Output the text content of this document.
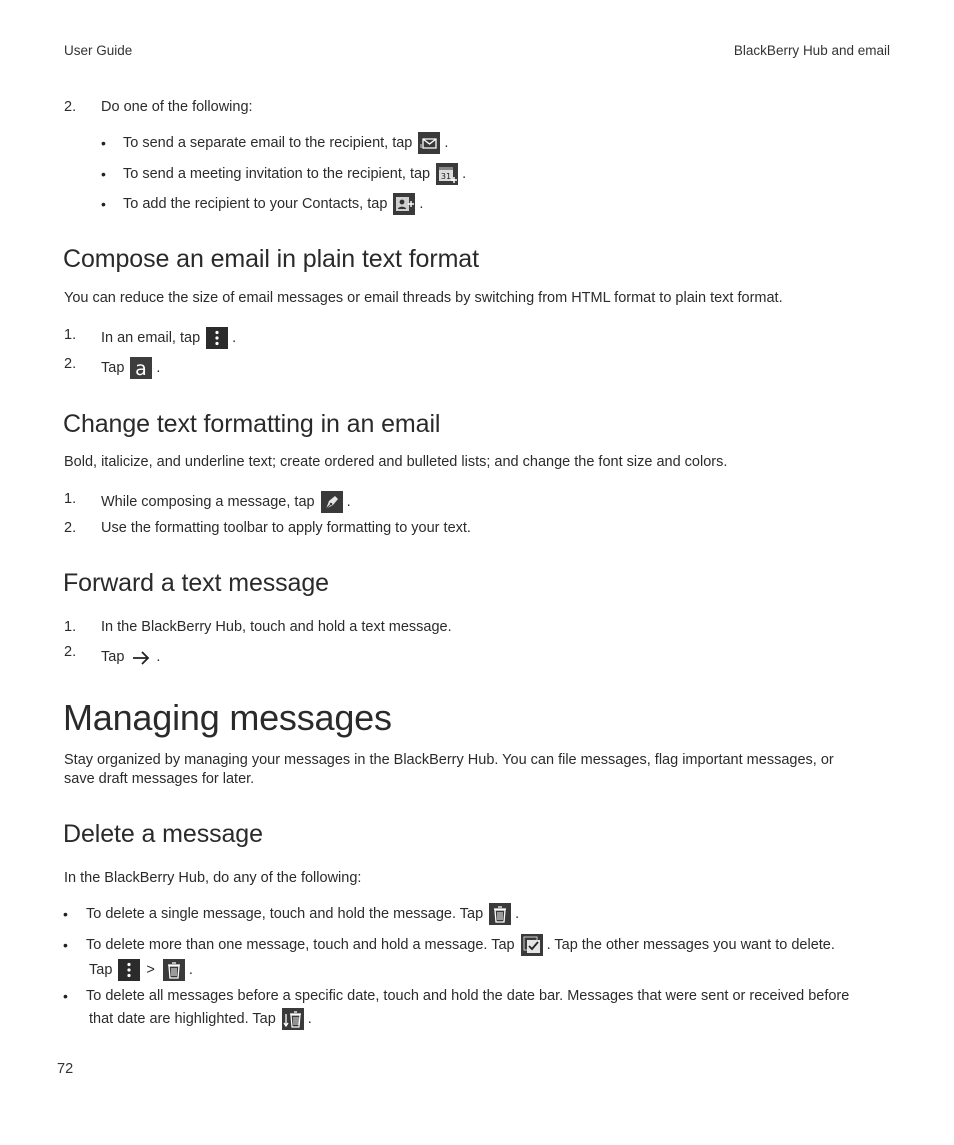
User Guide	BlackBerry Hub and email
2. Do one of the following:
•	To send a separate email to the recipient, tap .
•	To send a meeting invitation to the recipient, tap 31 .
•	To add the recipient to your Contacts, tap .
Compose an email in plain text format
You can reduce the size of email messages or email threads by switching from HTML format to plain text format.
1. In an email, tap .
2. Tap a .
Change text formatting in an email
Bold, italicize, and underline text; create ordered and bulleted lists; and change the font size and colors.
1. While composing a message, tap .
2. Use the formatting toolbar to apply formatting to your text.
Forward a text message
1. In the BlackBerry Hub, touch and hold a text message.
2. Tap .
Managing messages
Stay organized by managing your messages in the BlackBerry Hub. You can file messages, flag important messages, or
save draft messages for later.
Delete a message
In the BlackBerry Hub, do any of the following:
•	To delete a single message, touch and hold the message. Tap .
•	To delete more than one message, touch and hold a message. Tap . Tap the other messages you want to delete.
Tap > .
•	To delete all messages before a specific date, touch and hold the date bar. Messages that were sent or received before
that date are highlighted. Tap .
72
